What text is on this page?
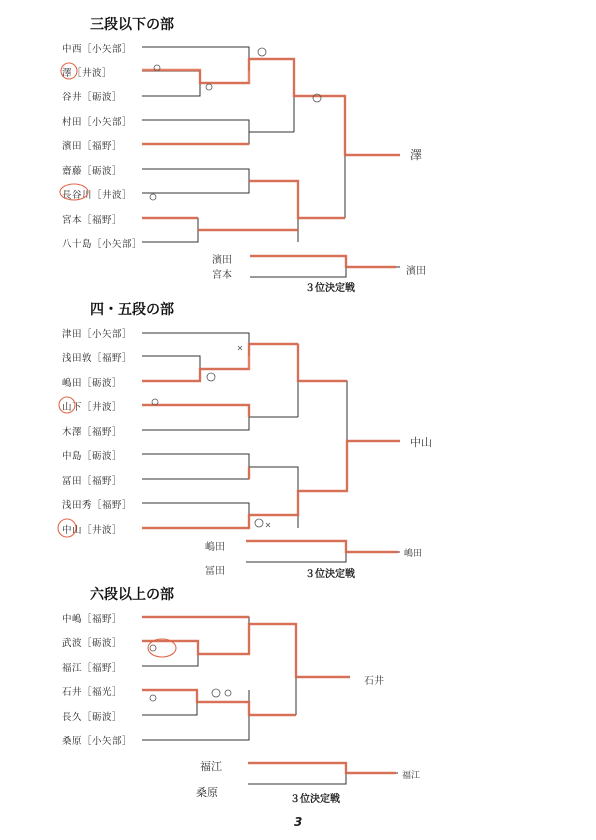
三段以下の部
中西［小矢部］
澤［井波］
谷井［砺波］
村田［小矢部］
濱田［福野］
齋藤［砺波］
長谷川［井波］
宮本［福野］
八十島［小矢部］
澤
濱田
宮本	濱田
３位決定戦
四・五段の部
津田［小矢部］
浅田敦［福野］
嶋田［砺波］
山下［井波］
木澤［福野］
中島［砺波］
冨田［福野］
浅田秀［福野］
中山［井波］
中山
嶋田
冨田
嶋田
３位決定戦
六段以上の部
中嶋［福野］
武波［砺波］
福江［福野］
石井［福光］
長久［砺波］
桑原［小矢部］
石井
福江
桑原
福江
３位決定戦
3
